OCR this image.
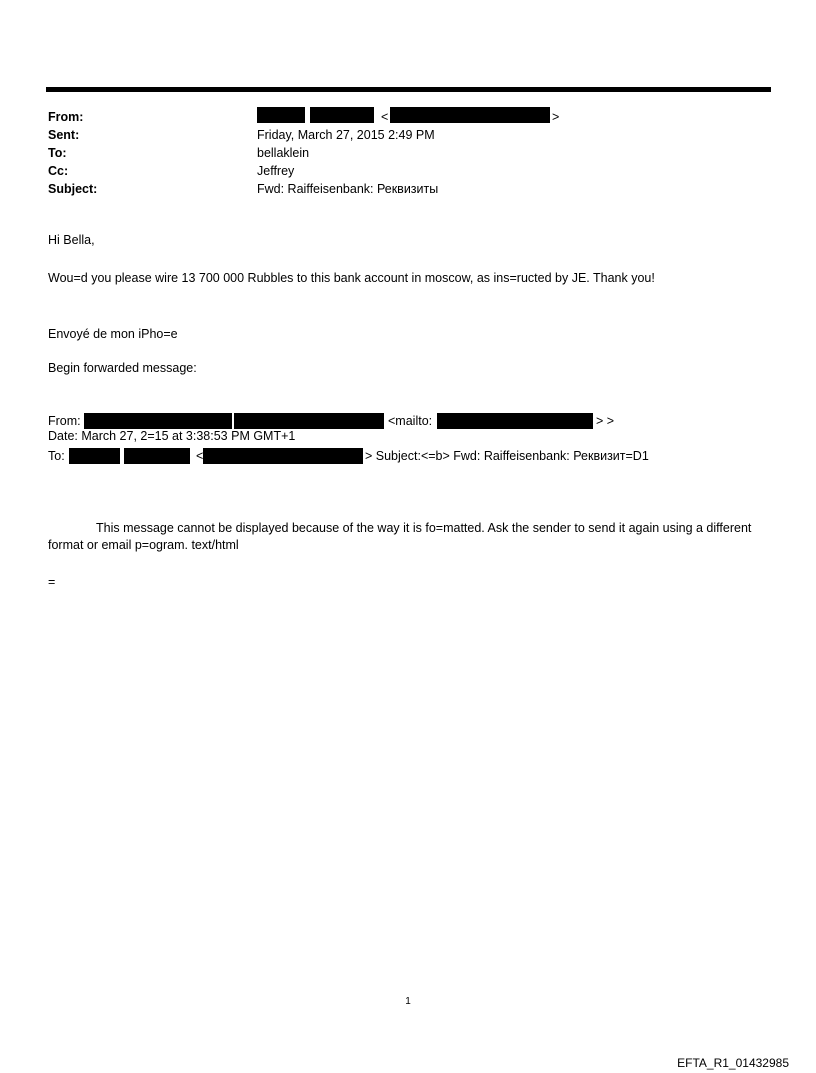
From:	<	>
Sent:	Friday, March 27, 2015 2:49 PM
To:	bellaklein
Cc:	Jeffrey
Subject:	Fwd: Raiffeisenbank: Реквизиты
Hi Bella,
Wou=d you please wire 13 700 000 Rubbles to this bank account in moscow, as ins=ructed by JE. Thank you!
Envoyé de mon iPho=e
Begin forwarded message:
From:	<mailto:	> >
Date: March 27, 2=15 at 3:38:53 PM GMT+1
To:	<	> Subject:<=b> Fwd: Raiffeisenbank: Реквизит=D1
This message cannot be displayed because of the way it is fo=matted. Ask the sender to send it again using a different format or email p=ogram. text/html
=
1
EFTA_R1_01432985
